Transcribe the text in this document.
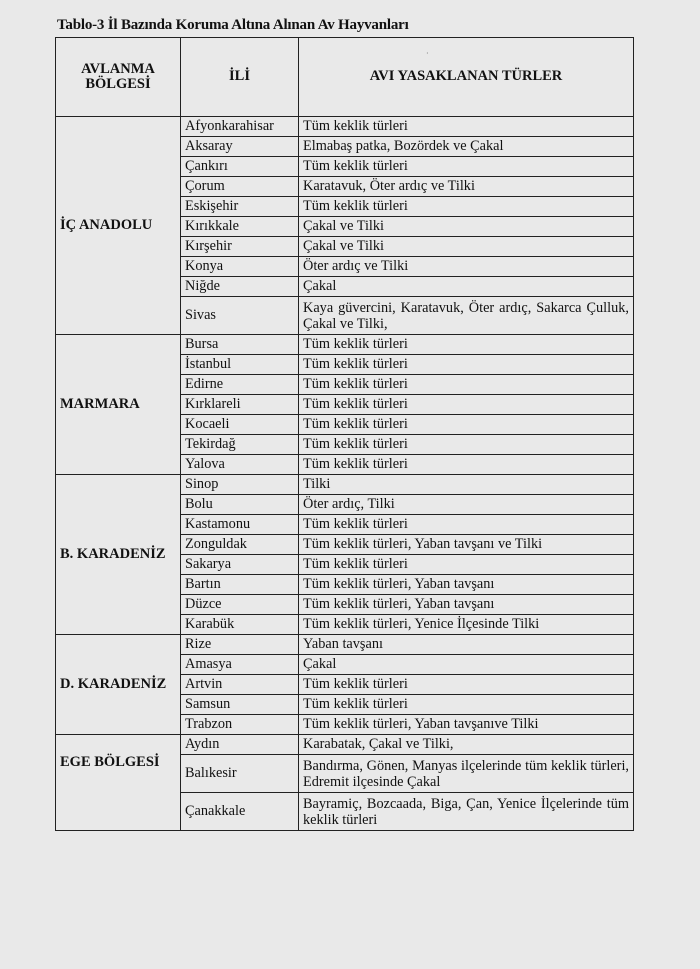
Tablo-3 İl Bazında Koruma Altına Alınan Av Hayvanları
·
AVLANMA BÖLGESİ	İLİ	AVI YASAKLANAN TÜRLER
İÇ ANADOLU	Afyonkarahisar	Tüm keklik türleri
	Aksaray	Elmabaş patka, Bozördek ve Çakal
	Çankırı	Tüm keklik türleri
	Çorum	Karatavuk, Öter ardıç ve Tilki
	Eskişehir	Tüm keklik türleri
	Kırıkkale	Çakal ve Tilki
	Kırşehir	Çakal ve Tilki
	Konya	Öter ardıç ve Tilki
	Niğde	Çakal
	Sivas	Kaya güvercini, Karatavuk, Öter ardıç, Sakarca Çulluk, Çakal ve Tilki,
MARMARA	Bursa	Tüm keklik türleri
	İstanbul	Tüm keklik türleri
	Edirne	Tüm keklik türleri
	Kırklareli	Tüm keklik türleri
	Kocaeli	Tüm keklik türleri
	Tekirdağ	Tüm keklik türleri
	Yalova	Tüm keklik türleri
B. KARADENİZ	Sinop	Tilki
	Bolu	Öter ardıç, Tilki
	Kastamonu	Tüm keklik türleri
	Zonguldak	Tüm keklik türleri, Yaban tavşanı ve Tilki
	Sakarya	Tüm keklik türleri
	Bartın	Tüm keklik türleri, Yaban tavşanı
	Düzce	Tüm keklik türleri, Yaban tavşanı
	Karabük	Tüm keklik türleri, Yenice İlçesinde Tilki
D. KARADENİZ	Rize	Yaban tavşanı
	Amasya	Çakal
	Artvin	Tüm keklik türleri
	Samsun	Tüm keklik türleri
	Trabzon	Tüm keklik türleri, Yaban tavşanıve Tilki
EGE BÖLGESİ	Aydın	Karabatak, Çakal ve Tilki,
	Balıkesir	Bandırma, Gönen, Manyas ilçelerinde tüm keklik türleri, Edremit ilçesinde Çakal
	Çanakkale	Bayramiç, Bozcaada, Biga, Çan, Yenice İlçelerinde tüm keklik türleri
